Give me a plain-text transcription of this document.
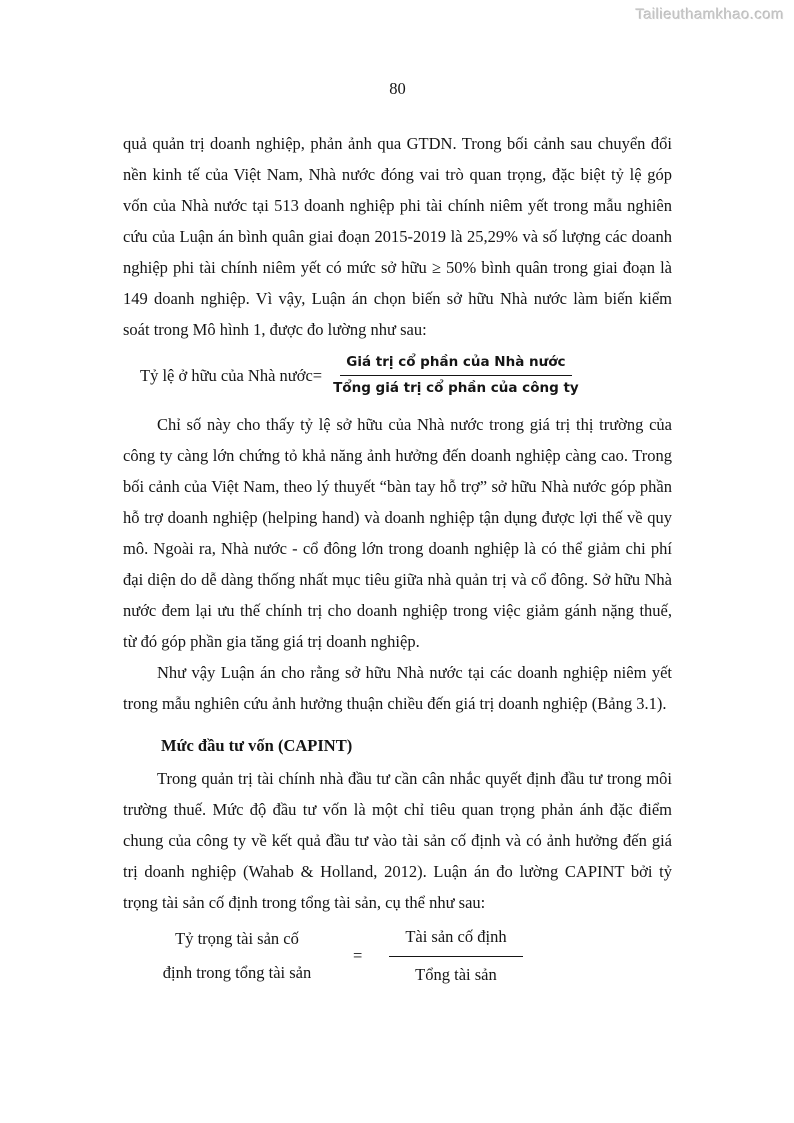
Tailieuthamkhao.com
80
quả quản trị doanh nghiệp, phản ảnh qua GTDN. Trong bối cảnh sau chuyển đổi
nền kinh tế của Việt Nam, Nhà nước đóng vai trò quan trọng, đặc biệt tỷ lệ góp
vốn của Nhà nước tại 513 doanh nghiệp phi tài chính niêm yết trong mẫu nghiên
cứu của Luận án bình quân giai đoạn 2015-2019 là 25,29% và số lượng các doanh
nghiệp phi tài chính niêm yết có mức sở hữu ≥ 50% bình quân trong giai đoạn là
149 doanh nghiệp. Vì vậy, Luận án chọn biến sở hữu Nhà nước làm biến kiểm
soát trong Mô hình 1, được đo lường như sau:
Tỷ lệ ở hữu của Nhà nước= $\frac{\text{Giá trị cổ phần của Nhà nước}}{\text{Tổng giá trị cổ phần của công ty}}$
Chỉ số này cho thấy tỷ lệ sở hữu của Nhà nước trong giá trị thị trường của
công ty càng lớn chứng tỏ khả năng ảnh hưởng đến doanh nghiệp càng cao. Trong
bối cảnh của Việt Nam, theo lý thuyết “bàn tay hỗ trợ” sở hữu Nhà nước góp phần
hỗ trợ doanh nghiệp (helping hand) và doanh nghiệp tận dụng được lợi thế về quy
mô. Ngoài ra, Nhà nước - cổ đông lớn trong doanh nghiệp là có thể giảm chi phí
đại diện do dễ dàng thống nhất mục tiêu giữa nhà quản trị và cổ đông. Sở hữu Nhà
nước đem lại ưu thế chính trị cho doanh nghiệp trong việc giảm gánh nặng thuế,
từ đó góp phần gia tăng giá trị doanh nghiệp.
Như vậy Luận án cho rằng sở hữu Nhà nước tại các doanh nghiệp niêm yết
trong mẫu nghiên cứu ảnh hưởng thuận chiều đến giá trị doanh nghiệp (Bảng 3.1).
Mức đầu tư vốn (CAPINT)
Trong quản trị tài chính nhà đầu tư cần cân nhắc quyết định đầu tư trong môi
trường thuế. Mức độ đầu tư vốn là một chỉ tiêu quan trọng phản ánh đặc điểm
chung của công ty về kết quả đầu tư vào tài sản cố định và có ảnh hưởng đến giá
trị doanh nghiệp (Wahab & Holland, 2012). Luận án đo lường CAPINT bởi tỷ
trọng tài sản cố định trong tổng tài sản, cụ thể như sau:
Tỷ trọng tài sản cố
định trong tổng tài sản
= $\frac{\text{Tài sản cố định}}{\text{Tổng tài sản}}$
